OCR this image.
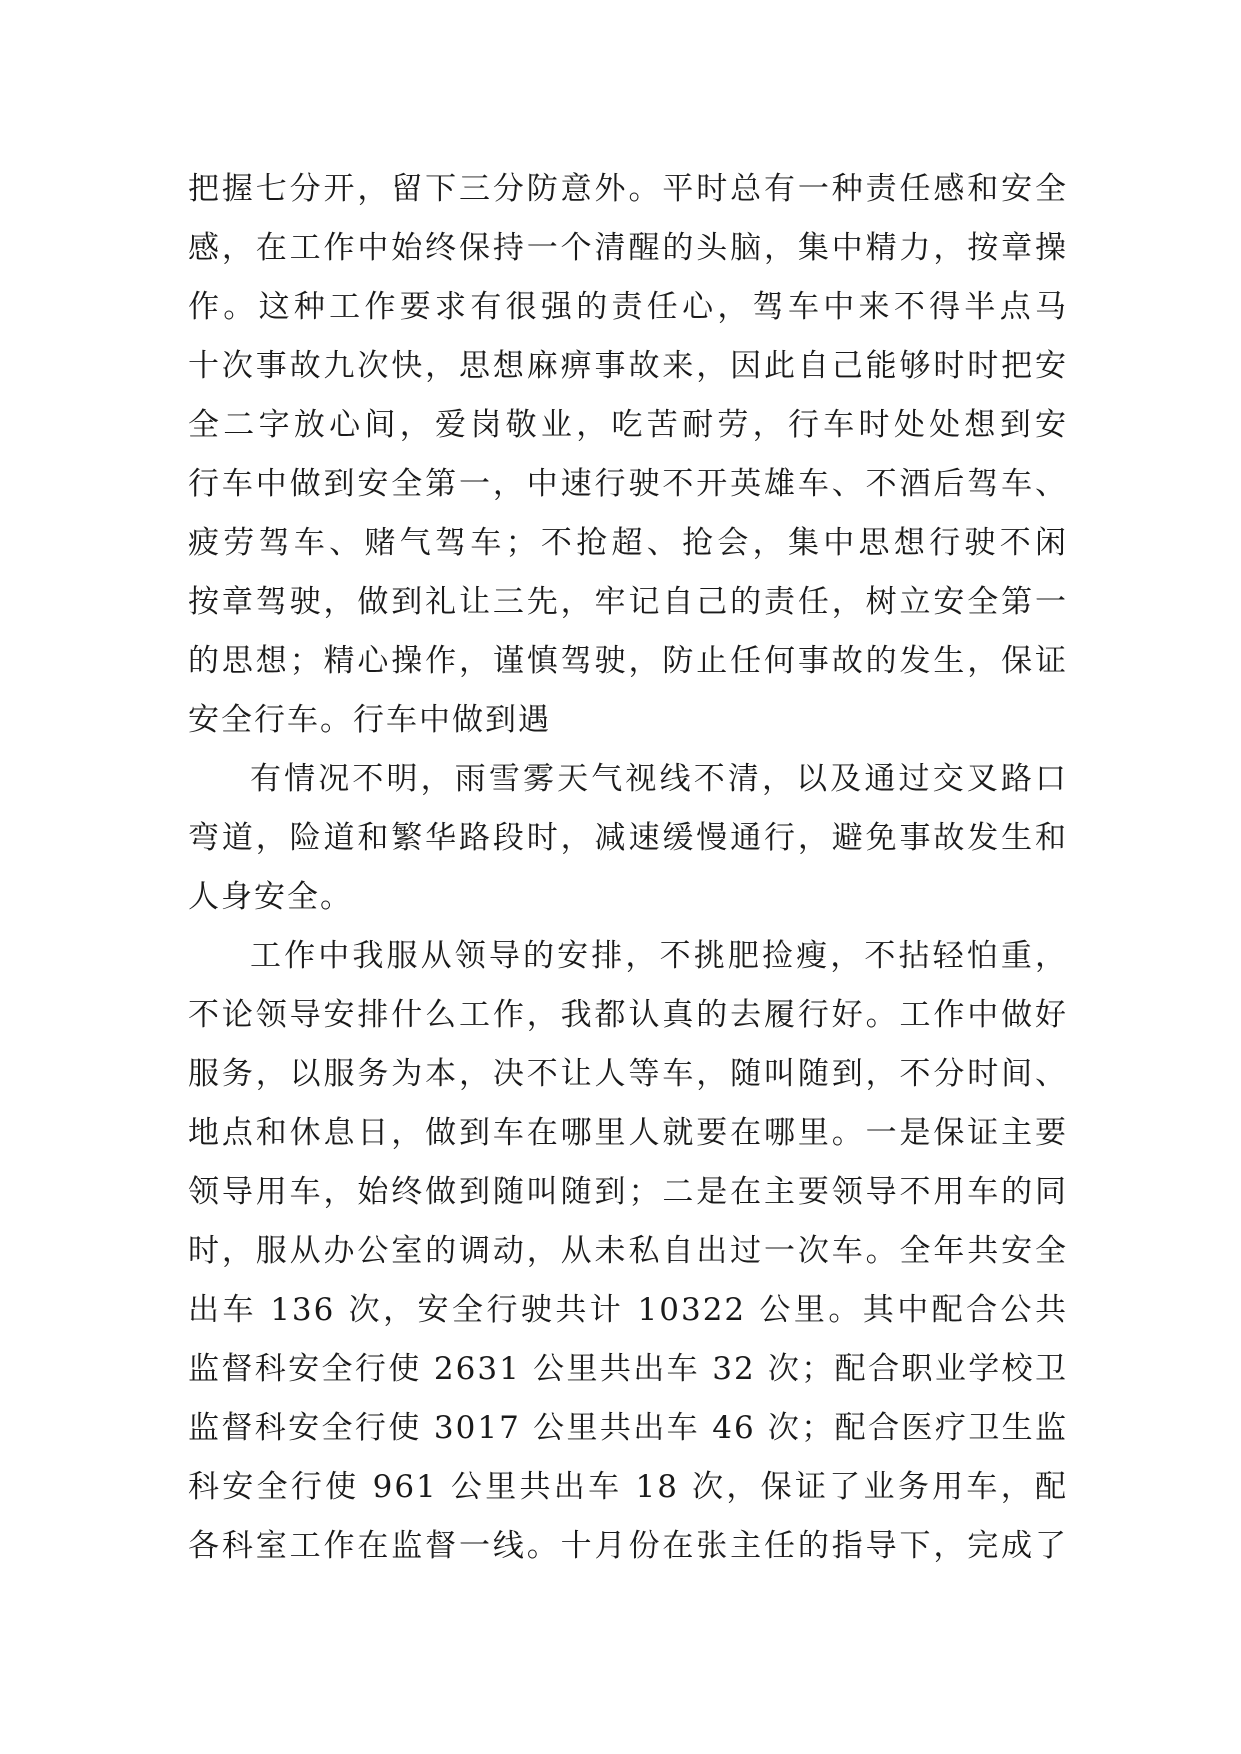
把握七分开，留下三分防意外。平时总有一种责任感和安全
感，在工作中始终保持一个清醒的头脑，集中精力，按章操
作。这种工作要求有很强的责任心，驾车中来不得半点马
十次事故九次快，思想麻痹事故来，因此自己能够时时把安
全二字放心间，爱岗敬业，吃苦耐劳，行车时处处想到安
行车中做到安全第一，中速行驶不开英雄车、不酒后驾车、
疲劳驾车、赌气驾车；不抢超、抢会，集中思想行驶不闲
按章驾驶，做到礼让三先，牢记自己的责任，树立安全第一
的思想；精心操作，谨慎驾驶，防止任何事故的发生，保证
安全行车。行车中做到遇
有情况不明，雨雪雾天气视线不清，以及通过交叉路口
弯道，险道和繁华路段时，减速缓慢通行，避免事故发生和
人身安全。
工作中我服从领导的安排，不挑肥捡瘦，不拈轻怕重，
不论领导安排什么工作，我都认真的去履行好。工作中做好
服务，以服务为本，决不让人等车，随叫随到，不分时间、
地点和休息日，做到车在哪里人就要在哪里。一是保证主要
领导用车，始终做到随叫随到；二是在主要领导不用车的同
时，服从办公室的调动，从未私自出过一次车。全年共安全
出车 136 次，安全行驶共计 10322 公里。其中配合公共
监督科安全行使 2631 公里共出车 32 次；配合职业学校卫
监督科安全行使 3017 公里共出车 46 次；配合医疗卫生监
科安全行使 961 公里共出车 18 次，保证了业务用车，配
各科室工作在监督一线。十月份在张主任的指导下，完成了
